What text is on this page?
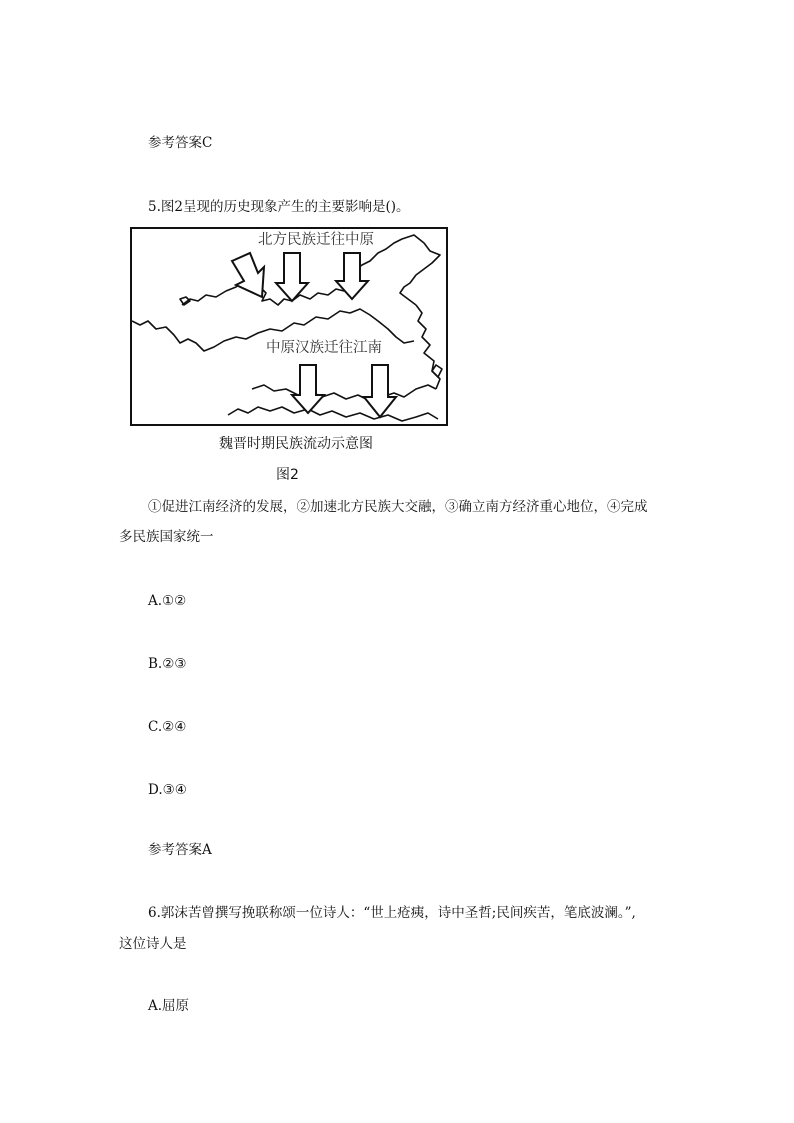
参考答案C
5.图2呈现的历史现象产生的主要影响是()。
北方民族迁往中原
中原汉族迁往江南
魏晋时期民族流动示意图
图2
①促进江南经济的发展，②加速北方民族大交融，③确立南方经济重心地位，④完成
多民族国家统一
A.①②
B.②③
C.②④
D.③④
参考答案A
6.郭沫苦曾撰写挽联称颂一位诗人：“世上疮痍，诗中圣哲;民间疾苦，笔底波澜。”,
这位诗人是
A.屈原
